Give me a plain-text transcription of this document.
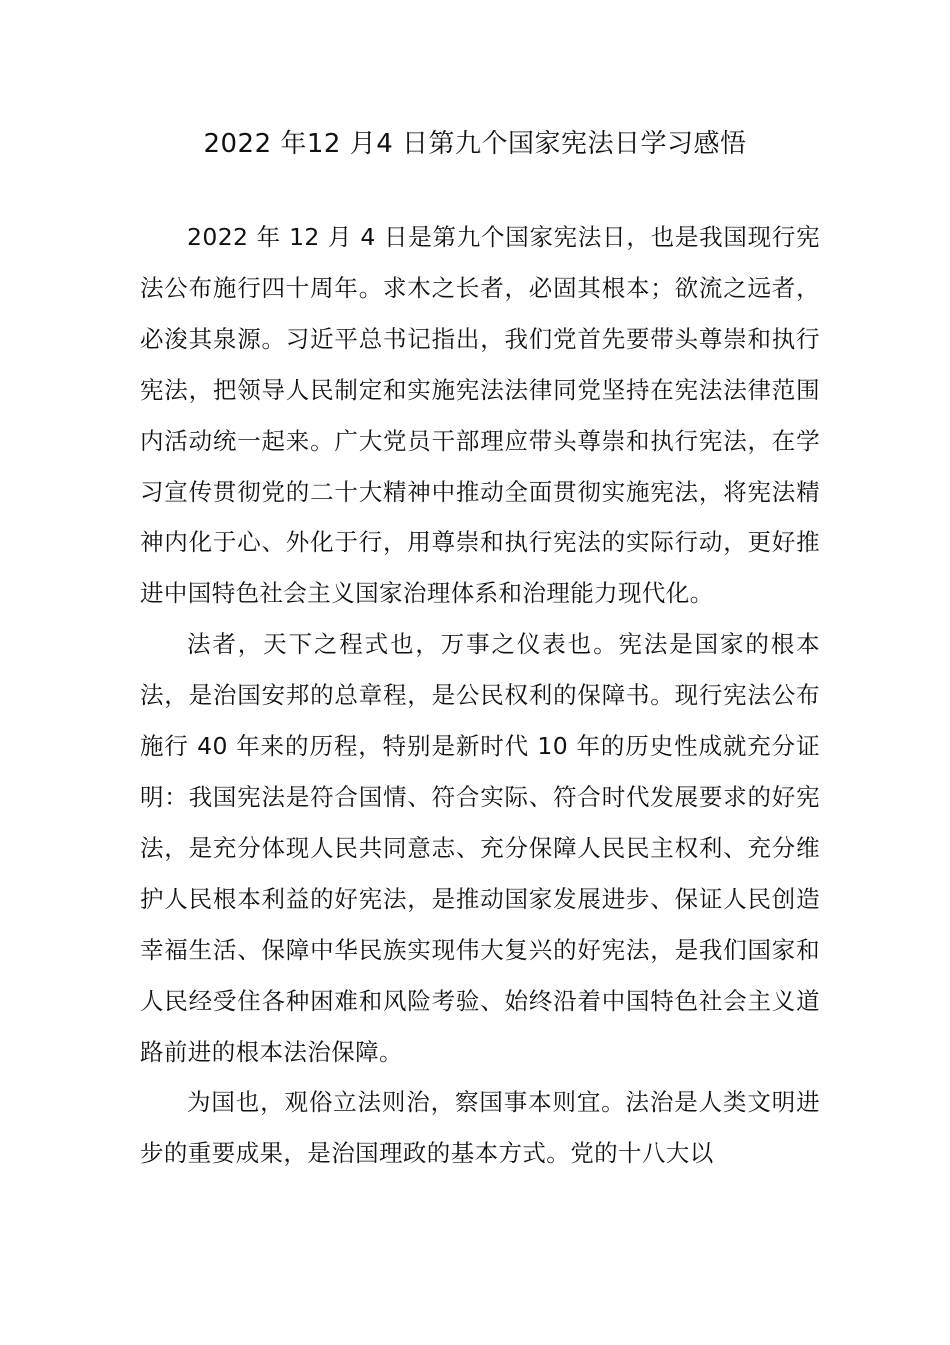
2022 年12 月4 日第九个国家宪法日学习感悟

2022 年 12 月 4 日是第九个国家宪法日，也是我国现行宪法公布施行四十周年。求木之长者，必固其根本；欲流之远者，必浚其泉源。习近平总书记指出，我们党首先要带头尊崇和执行宪法，把领导人民制定和实施宪法法律同党坚持在宪法法律范围内活动统一起来。广大党员干部理应带头尊崇和执行宪法，在学习宣传贯彻党的二十大精神中推动全面贯彻实施宪法，将宪法精神内化于心、外化于行，用尊崇和执行宪法的实际行动，更好推进中国特色社会主义国家治理体系和治理能力现代化。

法者，天下之程式也，万事之仪表也。宪法是国家的根本法，是治国安邦的总章程，是公民权利的保障书。现行宪法公布施行 40 年来的历程，特别是新时代 10 年的历史性成就充分证明：我国宪法是符合国情、符合实际、符合时代发展要求的好宪法，是充分体现人民共同意志、充分保障人民民主权利、充分维护人民根本利益的好宪法，是推动国家发展进步、保证人民创造幸福生活、保障中华民族实现伟大复兴的好宪法，是我们国家和人民经受住各种困难和风险考验、始终沿着中国特色社会主义道路前进的根本法治保障。

为国也，观俗立法则治，察国事本则宜。法治是人类文明进步的重要成果，是治国理政的基本方式。党的十八大以
